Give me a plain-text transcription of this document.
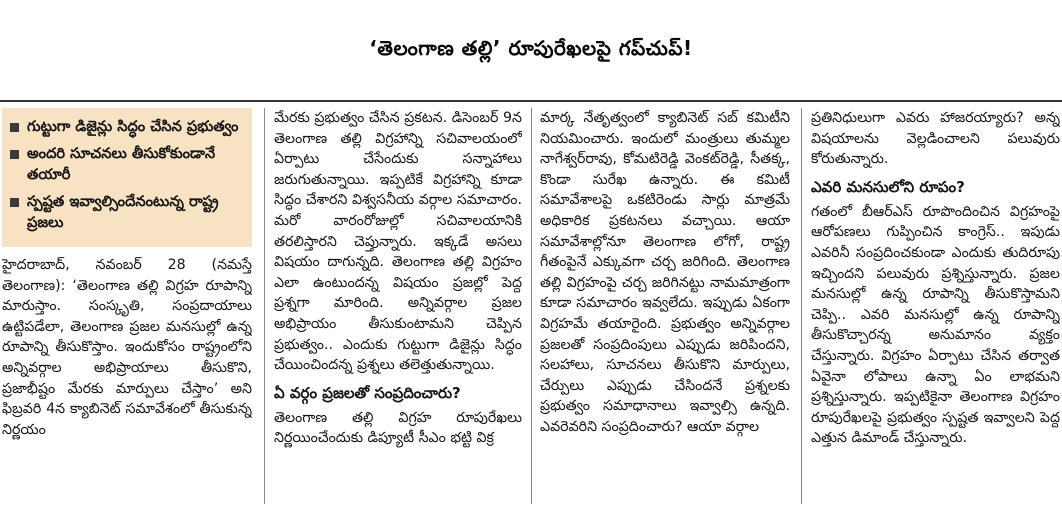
‘తెలంగాణ తల్లి’ రూపురేఖలపై గప్‌చుప్!
గుట్టుగా డిజైన్లు సిద్ధం చేసిన ప్రభుత్వం
అందరి సూచనలు తీసుకోకుండానే తయారీ
స్పష్టత ఇవ్వాల్సిందేనంటున్న రాష్ట్ర ప్రజలు

హైదరాబాద్, నవంబర్ 28 (నమస్తే తెలంగాణ): ‘తెలంగాణ తల్లి విగ్రహ రూపాన్ని మారుస్తాం. సంస్కృతి, సంప్రదాయాలు ఉట్టిపడేలా, తెలంగాణ ప్రజల మనసుల్లో ఉన్న రూపాన్ని తీసుకొస్తాం. ఇందుకోసం రాష్ట్రంలోని అన్నివర్గాల అభిప్రాయాలు తీసుకొని, ప్రజాభీష్టం మేరకు మార్పులు చేస్తాం’ అని ఫిబ్రవరి 4న క్యాబినెట్ సమావేశంలో తీసుకున్న నిర్ణయం

మేరకు ప్రభుత్వం చేసిన ప్రకటన. డిసెంబర్ 9న తెలంగాణ తల్లి విగ్రహాన్ని సచివాలయంలో ఏర్పాటు చేసేందుకు సన్నాహాలు జరుగుతున్నాయి. ఇప్పటికే విగ్రహాన్ని కూడా సిద్ధం చేశారని విశ్వసనీయ వర్గాల సమాచారం. మరో వారంరోజుల్లో సచివాలయానికి తరలిస్తారని చెప్తున్నారు. ఇక్కడే అసలు విషయం దాగున్నది. తెలంగాణ తల్లి విగ్రహం ఎలా ఉంటుందన్న విషయం ప్రజల్లో పెద్ద ప్రశ్నగా మారింది. అన్నివర్గాల ప్రజల అభిప్రాయం తీసుకుంటామని చెప్పిన ప్రభుత్వం.. ఎందుకు గుట్టుగా డిజైన్లు సిద్ధం చేయించిందన్న ప్రశ్నలు తలెత్తుతున్నాయి.

ఏ వర్గం ప్రజలతో సంప్రదించారు?

తెలంగాణ తల్లి విగ్రహ రూపురేఖలు నిర్ణయించేందుకు డిప్యూటీ సీఎం భట్టి విక్ర

మార్క నేతృత్వంలో క్యాబినెట్ సబ్ కమిటీని నియమించారు. ఇందులో మంత్రులు తుమ్మల నాగేశ్వర్‌రావు, కోమటిరెడ్డి వెంకట్‌రెడ్డి, సీతక్క, కొండా సురేఖ ఉన్నారు. ఈ కమిటీ సమావేశాలపై ఒకటిరెండు సార్లు మాత్రమే అధికారిక ప్రకటనలు వచ్చాయి. ఆయా సమావేశాల్లోనూ తెలంగాణ లోగో, రాష్ట్ర గీతంపైనే ఎక్కువగా చర్చ జరిగింది. తెలంగాణ తల్లి విగ్రహంపై చర్చ జరిగినట్టు నామమాత్రంగా కూడా సమాచారం ఇవ్వలేదు. ఇప్పుడు ఏకంగా విగ్రహమే తయారైంది. ప్రభుత్వం అన్నివర్గాల ప్రజలతో సంప్రదింపులు ఎప్పుడు జరిపిందని, సలహాలు, సూచనలు తీసుకొని మార్పులు, చేర్పులు ఎప్పుడు చేసిందనే ప్రశ్నలకు ప్రభుత్వం సమాధానాలు ఇవ్వాల్సి ఉన్నది. ఎవరెవరిని సంప్రదించారు? ఆయా వర్గాల

ప్రతినిధులుగా ఎవరు హాజరయ్యారు? అన్న విషయాలను వెల్లడించాలని పలువురు కోరుతున్నారు.

ఎవరి మనసులోని రూపం?

గతంలో బీఆర్‌ఎస్ రూపొందించిన విగ్రహంపై ఆరోపణలు గుప్పించిన కాంగ్రెస్.. ఇపుడు ఎవరినీ సంప్రదించకుండా ఎందుకు తుదిరూపు ఇచ్చిందని పలువురు ప్రశ్నిస్తున్నారు. ప్రజల మనసుల్లో ఉన్న రూపాన్ని తీసుకొస్తామని చెప్పి.. ఎవరి మనసుల్లో ఉన్న రూపాన్ని తీసుకొచ్చారన్న అనుమానం వ్యక్తం చేస్తున్నారు. విగ్రహం ఏర్పాటు చేసిన తర్వాత ఏవైనా లోపాలు ఉన్నా ఏం లాభమని ప్రశ్నిస్తున్నారు. ఇప్పటికైనా తెలంగాణ విగ్రహం రూపురేఖలపై ప్రభుత్వం స్పష్టత ఇవ్వాలని పెద్ద ఎత్తున డిమాండ్ చేస్తున్నారు.
